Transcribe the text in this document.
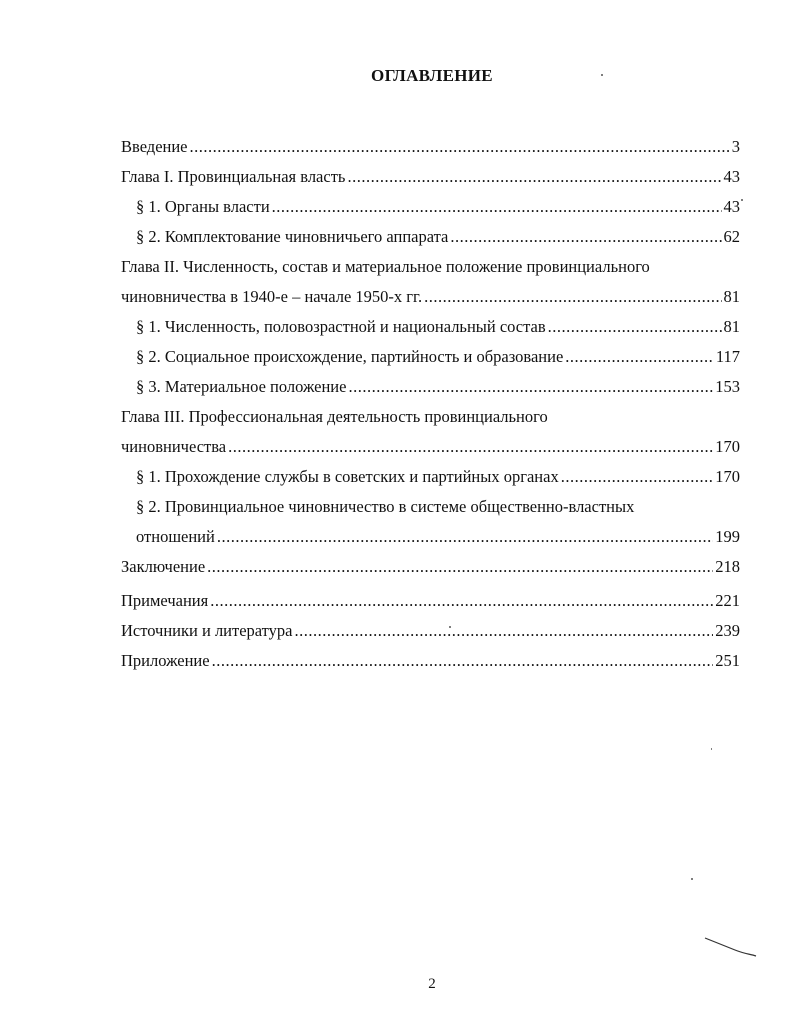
ОГЛАВЛЕНИЕ
Введение .....	3
Глава I. Провинциальная власть .....	43
§ 1. Органы власти .....	43
§ 2. Комплектование чиновничьего аппарата .....	62
Глава II. Численность, состав и материальное положение провинциального
чиновничества в 1940-е – начале 1950-х гг. .....	81
§ 1. Численность, половозрастной и национальный состав .....	81
§ 2. Социальное происхождение, партийность и образование .....	117
§ 3. Материальное положение .....	153
Глава III. Профессиональная деятельность провинциального
чиновничества .....	170
§ 1. Прохождение службы в советских и партийных органах .....	170
§ 2. Провинциальное чиновничество в системе общественно-властных
отношений .....	199
Заключение .....	218
Примечания .....	221
Источники и литература .....	239
Приложение .....	251
2
